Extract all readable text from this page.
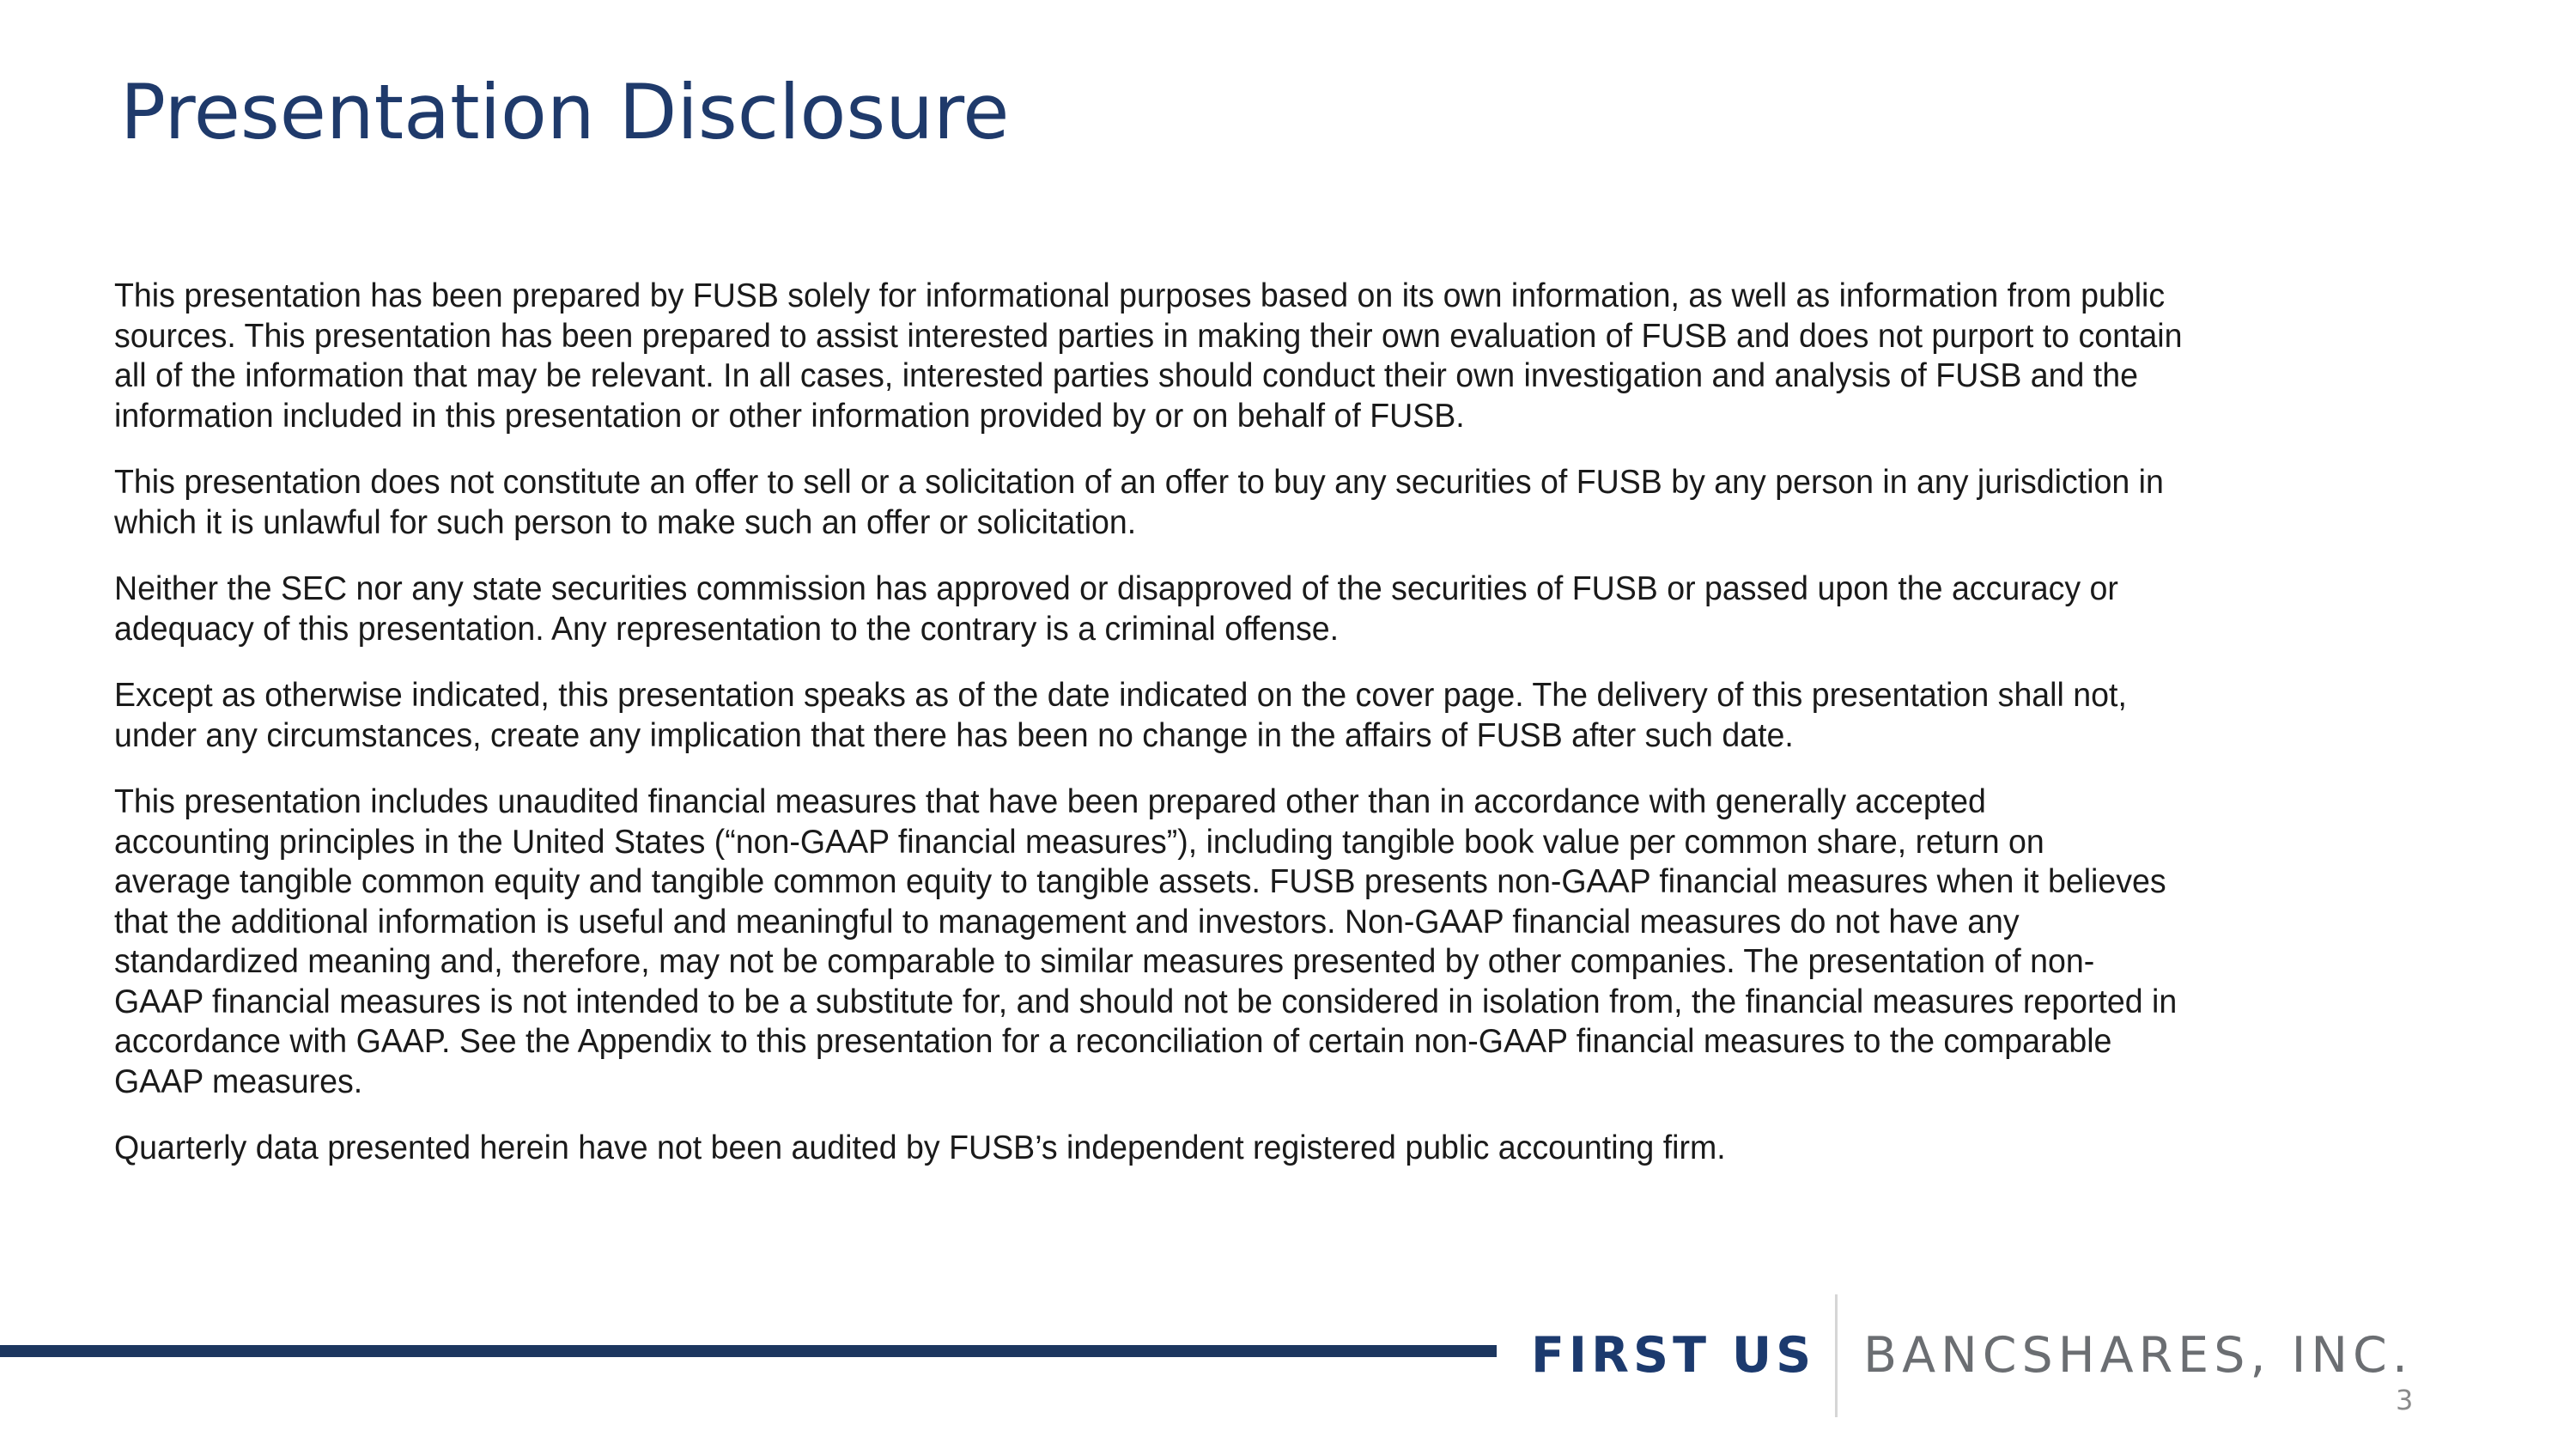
Presentation Disclosure

This presentation has been prepared by FUSB solely for informational purposes based on its own information, as well as information from public
sources. This presentation has been prepared to assist interested parties in making their own evaluation of FUSB and does not purport to contain
all of the information that may be relevant. In all cases, interested parties should conduct their own investigation and analysis of FUSB and the
information included in this presentation or other information provided by or on behalf of FUSB.

This presentation does not constitute an offer to sell or a solicitation of an offer to buy any securities of FUSB by any person in any jurisdiction in
which it is unlawful for such person to make such an offer or solicitation.

Neither the SEC nor any state securities commission has approved or disapproved of the securities of FUSB or passed upon the accuracy or
adequacy of this presentation. Any representation to the contrary is a criminal offense.

Except as otherwise indicated, this presentation speaks as of the date indicated on the cover page. The delivery of this presentation shall not,
under any circumstances, create any implication that there has been no change in the affairs of FUSB after such date.

This presentation includes unaudited financial measures that have been prepared other than in accordance with generally accepted
accounting principles in the United States (“non-GAAP financial measures”), including tangible book value per common share, return on
average tangible common equity and tangible common equity to tangible assets. FUSB presents non-GAAP financial measures when it believes
that the additional information is useful and meaningful to management and investors. Non-GAAP financial measures do not have any
standardized meaning and, therefore, may not be comparable to similar measures presented by other companies. The presentation of non-
GAAP financial measures is not intended to be a substitute for, and should not be considered in isolation from, the financial measures reported in
accordance with GAAP. See the Appendix to this presentation for a reconciliation of certain non-GAAP financial measures to the comparable
GAAP measures.

Quarterly data presented herein have not been audited by FUSB’s independent registered public accounting firm.

FIRST US BANCSHARES, INC.
3
